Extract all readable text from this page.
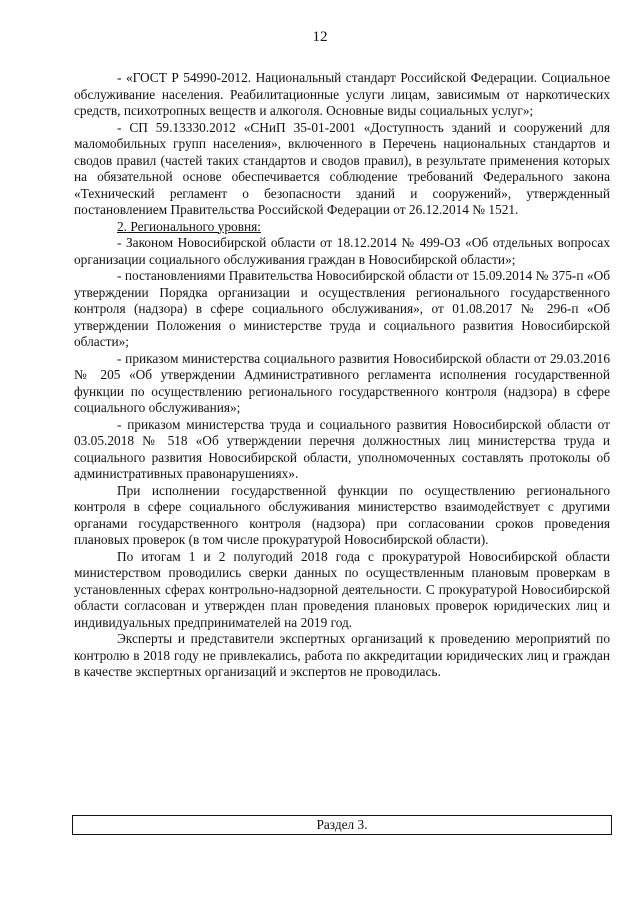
12

- «ГОСТ Р 54990-2012. Национальный стандарт Российской Федерации. Социальное обслуживание населения. Реабилитационные услуги лицам, зависимым от наркотических средств, психотропных веществ и алкоголя. Основные виды социальных услуг»;

- СП 59.13330.2012 «СНиП 35-01-2001 «Доступность зданий и сооружений для маломобильных групп населения», включенного в Перечень национальных стандартов и сводов правил (частей таких стандартов и сводов правил), в результате применения которых на обязательной основе обеспечивается соблюдение требований Федерального закона «Технический регламент о безопасности зданий и сооружений», утвержденный постановлением Правительства Российской Федерации от 26.12.2014 № 1521.

2. Регионального уровня:

- Законом Новосибирской области от 18.12.2014 № 499-ОЗ «Об отдельных вопросах организации социального обслуживания граждан в Новосибирской области»;

- постановлениями Правительства Новосибирской области от 15.09.2014 № 375-п «Об утверждении Порядка организации и осуществления регионального государственного контроля (надзора) в сфере социального обслуживания», от 01.08.2017 № 296-п «Об утверждении Положения о министерстве труда и социального развития Новосибирской области»;

- приказом министерства социального развития Новосибирской области от 29.03.2016 № 205 «Об утверждении Административного регламента исполнения государственной функции по осуществлению регионального государственного контроля (надзора) в сфере социального обслуживания»;

- приказом министерства труда и социального развития Новосибирской области от 03.05.2018 № 518 «Об утверждении перечня должностных лиц министерства труда и социального развития Новосибирской области, уполномоченных составлять протоколы об административных правонарушениях».

При исполнении государственной функции по осуществлению регионального контроля в сфере социального обслуживания министерство взаимодействует с другими органами государственного контроля (надзора) при согласовании сроков проведения плановых проверок (в том числе прокуратурой Новосибирской области).

По итогам 1 и 2 полугодий 2018 года с прокуратурой Новосибирской области министерством проводились сверки данных по осуществленным плановым проверкам в установленных сферах контрольно-надзорной деятельности. С прокуратурой Новосибирской области согласован и утвержден план проведения плановых проверок юридических лиц и индивидуальных предпринимателей на 2019 год.

Эксперты и представители экспертных организаций к проведению мероприятий по контролю в 2018 году не привлекались, работа по аккредитации юридических лиц и граждан в качестве экспертных организаций и экспертов не проводилась.

Раздел 3.
